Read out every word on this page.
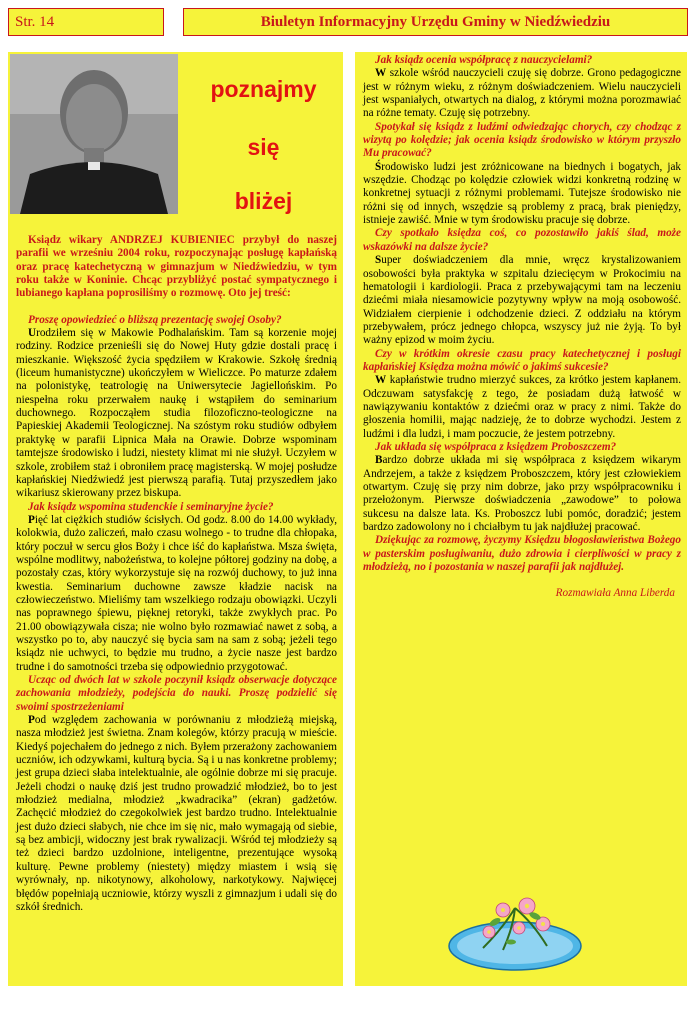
Str. 14	Biuletyn Informacyjny Urzędu Gminy w Niedźwiedziu
poznajmy
się
bliżej

Ksiądz wikary ANDRZEJ KUBIENIEC przybył do naszej parafii we wrześniu 2004 roku, rozpoczynając posługę kapłańską oraz pracę katechetyczną w gimnazjum w Niedźwiedziu, w tym roku także w Koninie. Chcąc przybliżyć postać sympatycznego i lubianego kapłana poprosiliśmy o rozmowę. Oto jej treść:

Proszę opowiedzieć o bliższą prezentację swojej Osoby?

Urodziłem się w Makowie Podhalańskim. Tam są korzenie mojej rodziny. Rodzice przenieśli się do Nowej Huty gdzie dostali pracę i mieszkanie. Większość życia spędziłem w Krakowie. Szkołę średnią (liceum humanistyczne) ukończyłem w Wieliczce. Po maturze zdałem na polonistykę, teatrologię na Uniwersytecie Jagiellońskim. Po niespełna roku przerwałem naukę i wstąpiłem do seminarium duchownego. Rozpocząłem studia filozoficzno-teologiczne na Papieskiej Akademii Teologicznej. Na szóstym roku studiów odbyłem praktykę w parafii Lipnica Mała na Orawie. Dobrze wspominam tamtejsze środowisko i ludzi, niestety klimat mi nie służył. Uczyłem w szkole, zrobiłem staż i obroniłem pracę magisterską. W mojej posłudze kapłańskiej Niedźwiedź jest pierwszą parafią. Tutaj przyszedłem jako wikariusz skierowany przez biskupa.

Jak ksiądz wspomina studenckie i seminaryjne życie?

Pięć lat ciężkich studiów ścisłych. Od godz. 8.00 do 14.00 wykłady, kolokwia, dużo zaliczeń, mało czasu wolnego - to trudne dla chłopaka, który poczuł w sercu głos Boży i chce iść do kapłaństwa. Msza święta, wspólne modlitwy, nabożeństwa, to kolejne półtorej godziny na dobę, a pozostały czas, który wykorzystuje się na rozwój duchowy, to już inna kwestia. Seminarium duchowne zawsze kładzie nacisk na człowieczeństwo. Mieliśmy tam wszelkiego rodzaju obowiązki. Uczyli nas poprawnego śpiewu, pięknej retoryki, także zwykłych prac. Po 21.00 obowiązywała cisza; nie wolno było rozmawiać nawet z sobą, a wszystko po to, aby nauczyć się bycia sam na sam z sobą; jeżeli tego ksiądz nie uchwyci, to będzie mu trudno, a życie nasze jest bardzo trudne i do samotności trzeba się odpowiednio przygotować.

Ucząc od dwóch lat w szkole poczynił ksiądz obserwacje dotyczące zachowania młodzieży, podejścia do nauki. Proszę podzielić się swoimi spostrzeżeniami

Pod względem zachowania w porównaniu z młodzieżą miejską, nasza młodzież jest świetna. Znam kolegów, którzy pracują w mieście. Kiedyś pojechałem do jednego z nich. Byłem przerażony zachowaniem uczniów, ich odzywkami, kulturą bycia. Są i u nas konkretne problemy; jest grupa dzieci słaba intelektualnie, ale ogólnie dobrze mi się pracuje. Jeżeli chodzi o naukę dziś jest trudno prowadzić młodzież, bo to jest młodzież medialna, młodzież „kwadracika” (ekran) gadżetów. Zachęcić młodzież do czegokolwiek jest bardzo trudno. Intelektualnie jest dużo dzieci słabych, nie chce im się nic, mało wymagają od siebie, są bez ambicji, widoczny jest brak rywalizacji. Wśród tej młodzieży są też dzieci bardzo uzdolnione, inteligentne, prezentujące wysoką kulturę. Pewne problemy (niestety) między miastem i wsią się wyrównały, np. nikotynowy, alkoholowy, narkotykowy. Najwięcej błędów popełniają uczniowie, którzy wyszli z gimnazjum i udali się do szkół średnich.

Jak ksiądz ocenia współpracę z nauczycielami?

W szkole wśród nauczycieli czuję się dobrze. Grono pedagogiczne jest w różnym wieku, z różnym doświadczeniem. Wielu nauczycieli jest wspaniałych, otwartych na dialog, z którymi można porozmawiać na różne tematy. Czuję się potrzebny.

Spotykał się ksiądz z ludźmi odwiedzając chorych, czy chodząc z wizytą po kolędzie; jak ocenia ksiądz środowisko w którym przyszło Mu pracować?

Środowisko ludzi jest zróżnicowane na biednych i bogatych, jak wszędzie. Chodząc po kolędzie człowiek widzi konkretną rodzinę w konkretnej sytuacji z różnymi problemami. Tutejsze środowisko nie różni się od innych, wszędzie są problemy z pracą, brak pieniędzy, istnieje zawiść. Mnie w tym środowisku pracuje się dobrze.

Czy spotkało księdza coś, co pozostawiło jakiś ślad, może wskazówki na dalsze życie?

Super doświadczeniem dla mnie, wręcz krystalizowaniem osobowości była praktyka w szpitalu dziecięcym w Prokocimiu na hematologii i kardiologii. Praca z przebywającymi tam na leczeniu dziećmi miała niesamowicie pozytywny wpływ na moją osobowość. Widziałem cierpienie i odchodzenie dzieci. Z oddziału na którym przebywałem, prócz jednego chłopca, wszyscy już nie żyją. To był ważny epizod w moim życiu.

Czy w krótkim okresie czasu pracy katechetycznej i posługi kapłańskiej Księdza można mówić o jakimś sukcesie?

W kapłaństwie trudno mierzyć sukces, za krótko jestem kapłanem. Odczuwam satysfakcję z tego, że posiadam dużą łatwość w nawiązywaniu kontaktów z dziećmi oraz w pracy z nimi. Także do głoszenia homilii, mając nadzieję, że to dobrze wychodzi. Jestem z ludźmi i dla ludzi, i mam poczucie, że jestem potrzebny.

Jak układa się współpraca z księdzem Proboszczem?

Bardzo dobrze układa mi się współpraca z księdzem wikarym Andrzejem, a także z księdzem Proboszczem, który jest człowiekiem otwartym. Czuję się przy nim dobrze, jako przy współpracowniku i przełożonym. Pierwsze doświadczenia „zawodowe” to połowa sukcesu na dalsze lata. Ks. Proboszcz lubi pomóc, doradzić; jestem bardzo zadowolony no i chciałbym tu jak najdłużej pracować.

Dziękując za rozmowę, życzymy Księdzu błogosławieństwa Bożego w pasterskim posługiwaniu, dużo zdrowia i cierpliwości w pracy z młodzieżą, no i pozostania w naszej parafii jak najdłużej.

Rozmawiała Anna Liberda
